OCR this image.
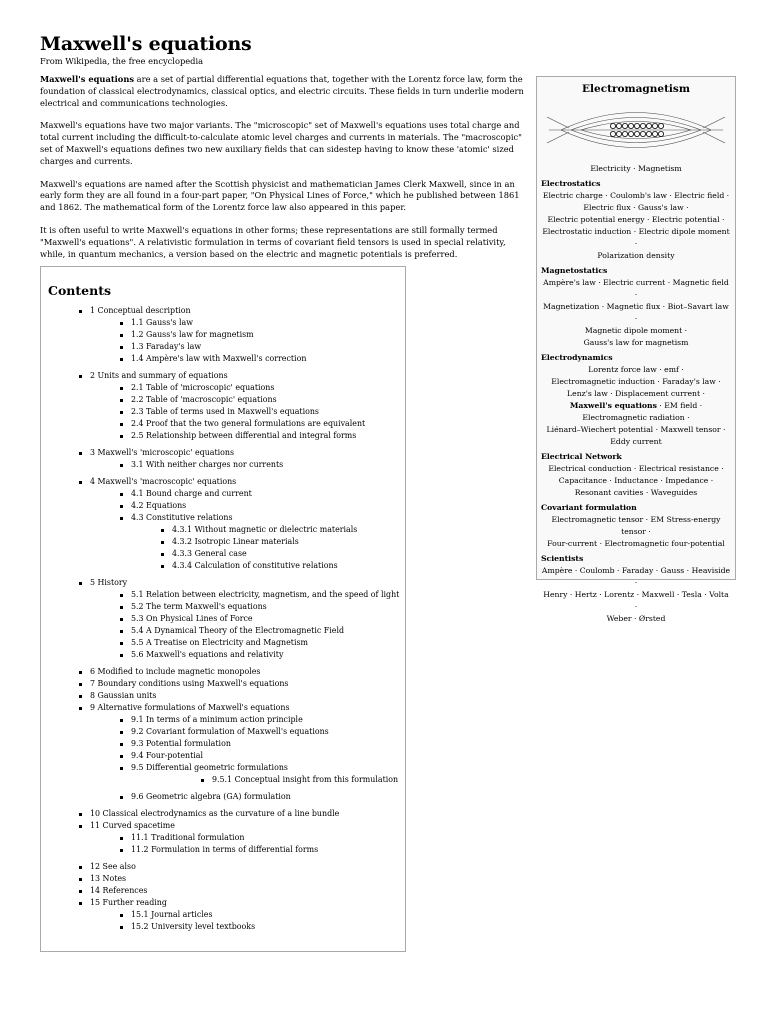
Maxwell's equations
From Wikipedia, the free encyclopedia

Maxwell's equations are a set of partial differential equations that, together with the Lorentz force law, form the foundation of classical electrodynamics, classical optics, and electric circuits. These fields in turn underlie modern electrical and communications technologies.

Maxwell's equations have two major variants. The "microscopic" set of Maxwell's equations uses total charge and total current including the difficult-to-calculate atomic level charges and currents in materials. The "macroscopic" set of Maxwell's equations defines two new auxiliary fields that can sidestep having to know these 'atomic' sized charges and currents.

Maxwell's equations are named after the Scottish physicist and mathematician James Clerk Maxwell, since in an early form they are all found in a four-part paper, "On Physical Lines of Force," which he published between 1861 and 1862. The mathematical form of the Lorentz force law also appeared in this paper.

It is often useful to write Maxwell's equations in other forms; these representations are still formally termed "Maxwell's equations". A relativistic formulation in terms of covariant field tensors is used in special relativity, while, in quantum mechanics, a version based on the electric and magnetic potentials is preferred.

Electromagnetism
Electricity · Magnetism
Electrostatics
Electric charge · Coulomb's law · Electric field ·
Electric flux · Gauss's law ·
Electric potential energy · Electric potential ·
Electrostatic induction · Electric dipole moment ·
Polarization density
Magnetostatics
Ampère's law · Electric current · Magnetic field ·
Magnetization · Magnetic flux · Biot–Savart law ·
Magnetic dipole moment ·
Gauss's law for magnetism
Electrodynamics
Lorentz force law · emf ·
Electromagnetic induction · Faraday's law ·
Lenz's law · Displacement current ·
Maxwell's equations · EM field ·
Electromagnetic radiation ·
Liénard–Wiechert potential · Maxwell tensor ·
Eddy current
Electrical Network
Electrical conduction · Electrical resistance ·
Capacitance · Inductance · Impedance ·
Resonant cavities · Waveguides
Covariant formulation
Electromagnetic tensor · EM Stress-energy tensor ·
Four-current · Electromagnetic four-potential
Scientists
Ampère · Coulomb · Faraday · Gauss · Heaviside ·
Henry · Hertz · Lorentz · Maxwell · Tesla · Volta ·
Weber · Ørsted
Contents
1 Conceptual description
1.1 Gauss's law
1.2 Gauss's law for magnetism
1.3 Faraday's law
1.4 Ampère's law with Maxwell's correction
2 Units and summary of equations
2.1 Table of 'microscopic' equations
2.2 Table of 'macroscopic' equations
2.3 Table of terms used in Maxwell's equations
2.4 Proof that the two general formulations are equivalent
2.5 Relationship between differential and integral forms
3 Maxwell's 'microscopic' equations
3.1 With neither charges nor currents
4 Maxwell's 'macroscopic' equations
4.1 Bound charge and current
4.2 Equations
4.3 Constitutive relations
4.3.1 Without magnetic or dielectric materials
4.3.2 Isotropic Linear materials
4.3.3 General case
4.3.4 Calculation of constitutive relations
5 History
5.1 Relation between electricity, magnetism, and the speed of light
5.2 The term Maxwell's equations
5.3 On Physical Lines of Force
5.4 A Dynamical Theory of the Electromagnetic Field
5.5 A Treatise on Electricity and Magnetism
5.6 Maxwell's equations and relativity
6 Modified to include magnetic monopoles
7 Boundary conditions using Maxwell's equations
8 Gaussian units
9 Alternative formulations of Maxwell's equations
9.1 In terms of a minimum action principle
9.2 Covariant formulation of Maxwell's equations
9.3 Potential formulation
9.4 Four-potential
9.5 Differential geometric formulations
9.5.1 Conceptual insight from this formulation
9.6 Geometric algebra (GA) formulation
10 Classical electrodynamics as the curvature of a line bundle
11 Curved spacetime
11.1 Traditional formulation
11.2 Formulation in terms of differential forms
12 See also
13 Notes
14 References
15 Further reading
15.1 Journal articles
15.2 University level textbooks
